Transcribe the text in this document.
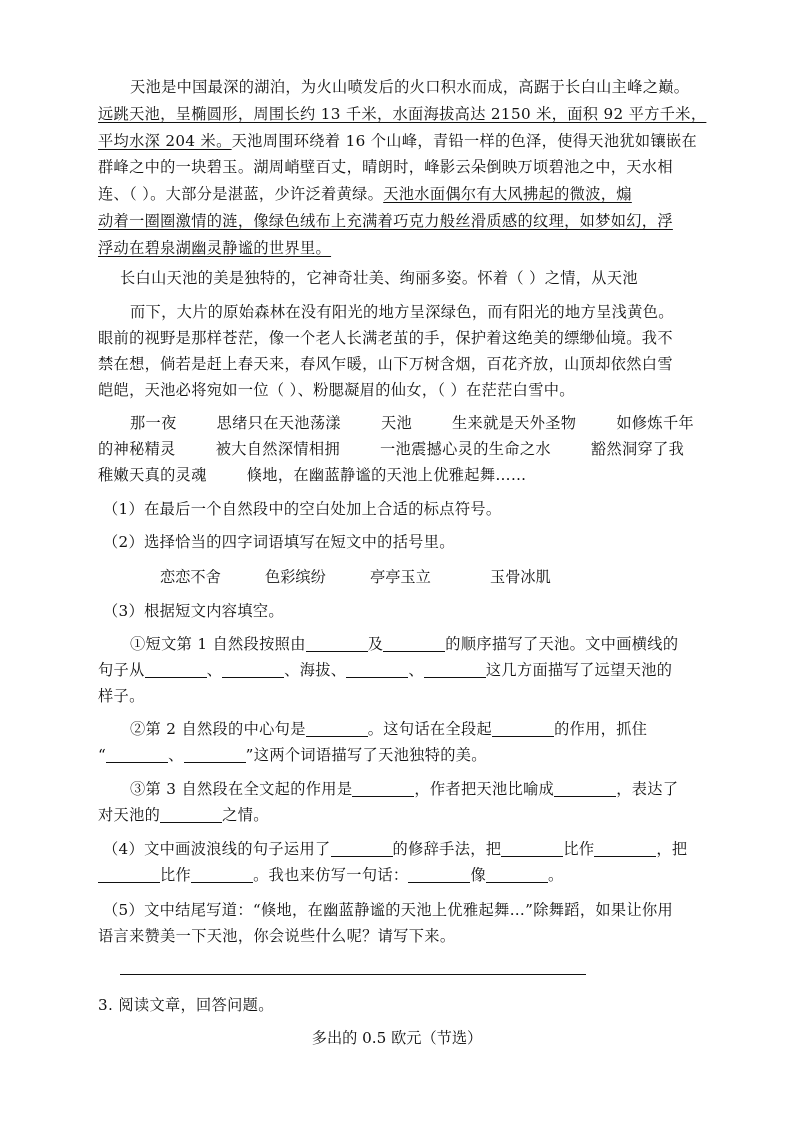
天池是中国最深的湖泊，为火山喷发后的火口积水而成，高踞于长白山主峰之巅。
远跳天池，呈椭圆形，周围长约 13 千米，水面海拔高达 2150 米，面积 92 平方千米，
平均水深 204 米。天池周围环绕着 16 个山峰，青铅一样的色泽，使得天池犹如镶嵌在
群峰之中的一块碧玉。湖周峭壁百丈，晴朗时，峰影云朵倒映万顷碧池之中，天水相
连、（ ）。大部分是湛蓝，少许泛着黄绿。天池水面偶尔有大风拂起的微波，煽
动着一圈圈激情的涟，像绿色绒布上充满着巧克力般丝滑质感的纹理，如梦如幻，浮
浮动在碧泉湖幽灵静谧的世界里。
长白山天池的美是独特的，它神奇壮美、绚丽多姿。怀着（ ）之情，从天池
而下，大片的原始森林在没有阳光的地方呈深绿色，而有阳光的地方呈浅黄色。
眼前的视野是那样苍茫，像一个老人长满老茧的手，保护着这绝美的缥缈仙境。我不
禁在想，倘若是赶上春天来，春风乍暖，山下万树含烟，百花齐放，山顶却依然白雪
皑皑，天池必将宛如一位（ ）、粉腮凝眉的仙女，（ ）在茫茫白雪中。
那一夜	思绪只在天池荡漾	天池	生来就是天外圣物	如修炼千年
的神秘精灵	被大自然深情相拥	一池震撼心灵的生命之水	豁然洞穿了我
稚嫩天真的灵魂	倏地，在幽蓝静谧的天池上优雅起舞……
（1）在最后一个自然段中的空白处加上合适的标点符号。
（2）选择恰当的四字词语填写在短文中的括号里。
恋恋不舍	色彩缤纷	亭亭玉立	玉骨冰肌
（3）根据短文内容填空。
①短文第 1 自然段按照由	及	的顺序描写了天池。文中画横线的
句子从	、	、海拔、	、	这几方面描写了远望天池的
样子。
②第 2 自然段的中心句是	。这句话在全段起	的作用，抓住
“	、	”这两个词语描写了天池独特的美。
③第 3 自然段在全文起的作用是	，作者把天池比喻成	，表达了
对天池的	之情。
（4）文中画波浪线的句子运用了	的修辞手法，把	比作	，把
比作	。我也来仿写一句话：	像	。
（5）文中结尾写道：“倏地，在幽蓝静谧的天池上优雅起舞…”除舞蹈，如果让你用
语言来赞美一下天池，你会说些什么呢？请写下来。
3. 阅读文章，回答问题。
多出的 0.5 欧元（节选）
